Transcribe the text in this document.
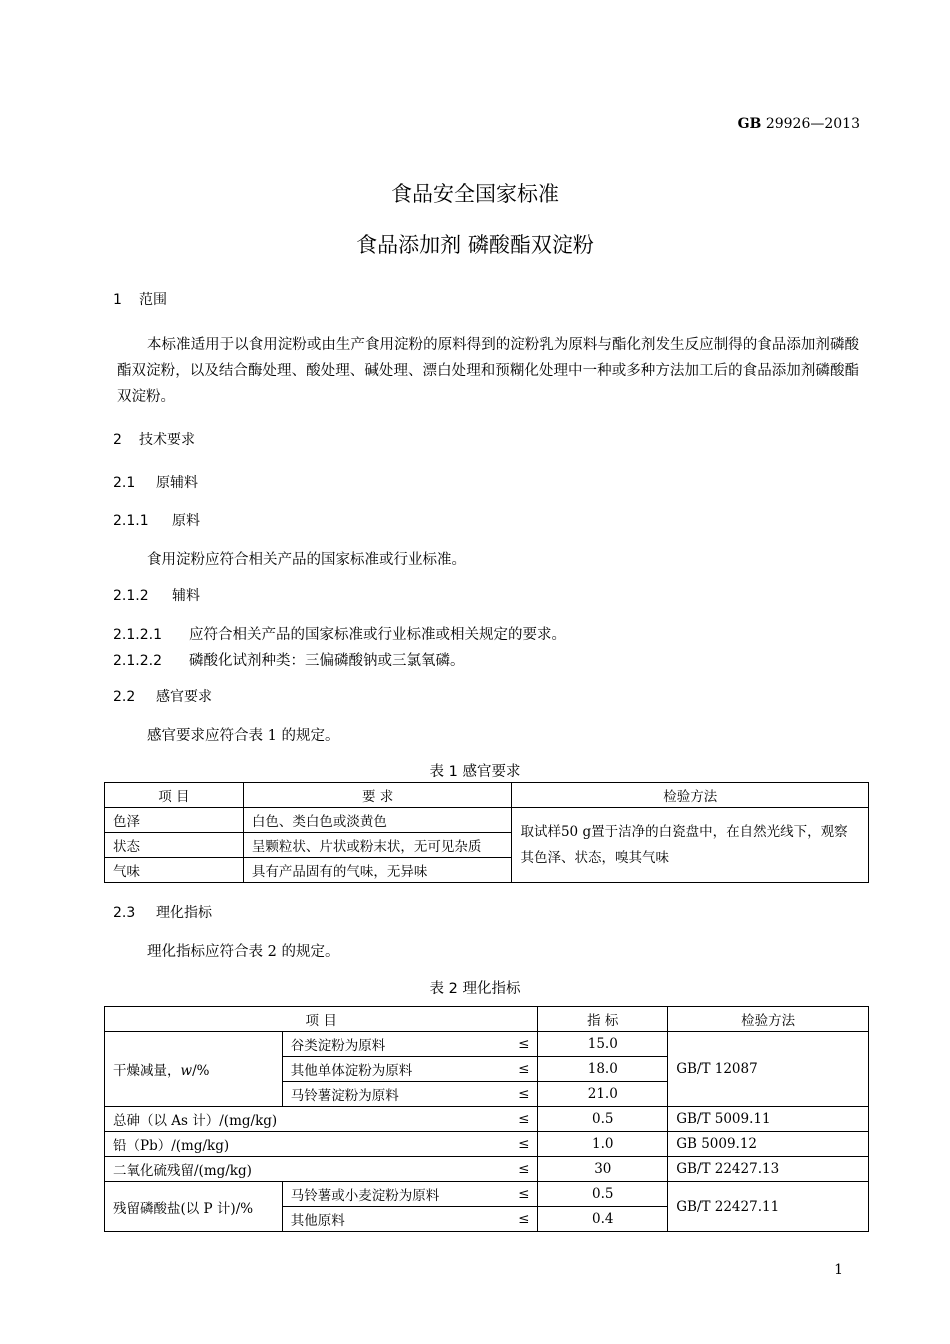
GB 29926—2013
食品安全国家标准
食品添加剂 磷酸酯双淀粉
1 范围
本标准适用于以食用淀粉或由生产食用淀粉的原料得到的淀粉乳为原料与酯化剂发生反应制得的食品添加剂磷酸酯双淀粉，以及结合酶处理、酸处理、碱处理、漂白处理和预糊化处理中一种或多种方法加工后的食品添加剂磷酸酯双淀粉。
2 技术要求
2.1 原辅料
2.1.1 原料
食用淀粉应符合相关产品的国家标准或行业标准。
2.1.2 辅料
2.1.2.1 应符合相关产品的国家标准或行业标准或相关规定的要求。
2.1.2.2 磷酸化试剂种类：三偏磷酸钠或三氯氧磷。
2.2 感官要求
感官要求应符合表 1 的规定。
表 1 感官要求
项 目	要 求	检验方法
色泽	白色、类白色或淡黄色	取试样50 g置于洁净的白瓷盘中，在自然光线下，观察其色泽、状态，嗅其气味
状态	呈颗粒状、片状或粉末状，无可见杂质	
气味	具有产品固有的气味，无异味	
2.3 理化指标
理化指标应符合表 2 的规定。
表 2 理化指标
项 目		指 标	检验方法
干燥减量，w/%	谷类淀粉为原料 ≤	15.0	GB/T 12087
	其他单体淀粉为原料 ≤	18.0	
	马铃薯淀粉为原料 ≤	21.0	
总砷（以 As 计）/(mg/kg) ≤		0.5	GB/T 5009.11
铅（Pb）/(mg/kg) ≤		1.0	GB 5009.12
二氧化硫残留/(mg/kg) ≤		30	GB/T 22427.13
残留磷酸盐(以 P 计)/%	马铃薯或小麦淀粉为原料 ≤	0.5	GB/T 22427.11
	其他原料 ≤	0.4	
1
